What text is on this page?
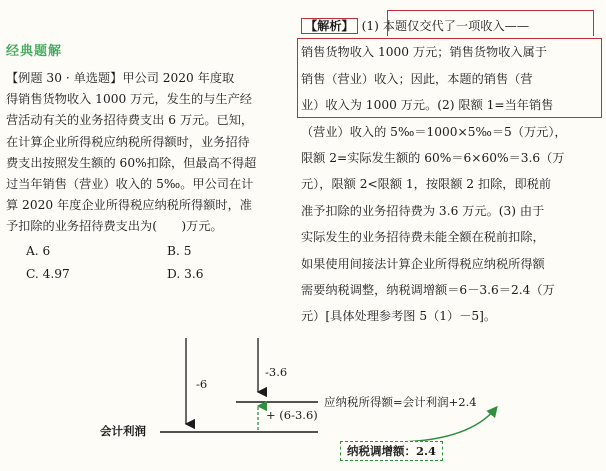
经典题解
【例题 30 · 单选题】甲公司 2020 年度取
得销售货物收入 1000 万元，发生的与生产经
营活动有关的业务招待费支出 6 万元。已知，
在计算企业所得税应纳税所得额时，业务招待
费支出按照发生额的 60%扣除，但最高不得超
过当年销售（营业）收入的 5‰。甲公司在计
算 2020 年度企业所得税应纳税所得额时，准
予扣除的业务招待费支出为(　　)万元。
A. 6	B. 5 C. 4.97	D. 3.6
【解析】 (1) 本题仅交代了一项收入——
销售货物收入 1000 万元；销售货物收入属于
销售（营业）收入；因此，本题的销售（营
业）收入为 1000 万元。(2) 限额 1=当年销售
（营业）收入的 5‰＝1000×5‰＝5（万元），
限额 2=实际发生额的 60%＝6×60%＝3.6（万
元），限额 2<限额 1，按限额 2 扣除，即税前
准予扣除的业务招待费为 3.6 万元。(3) 由于
实际发生的业务招待费未能全额在税前扣除，
如果使用间接法计算企业所得税应纳税所得额
需要纳税调整，纳税调增额＝6－3.6＝2.4（万
元）[具体处理参考图 5（1）－5]。
-6
-3.6
+ (6-3.6)
会计利润
应纳税所得额=会计利润+2.4
纳税调增额：2.4
